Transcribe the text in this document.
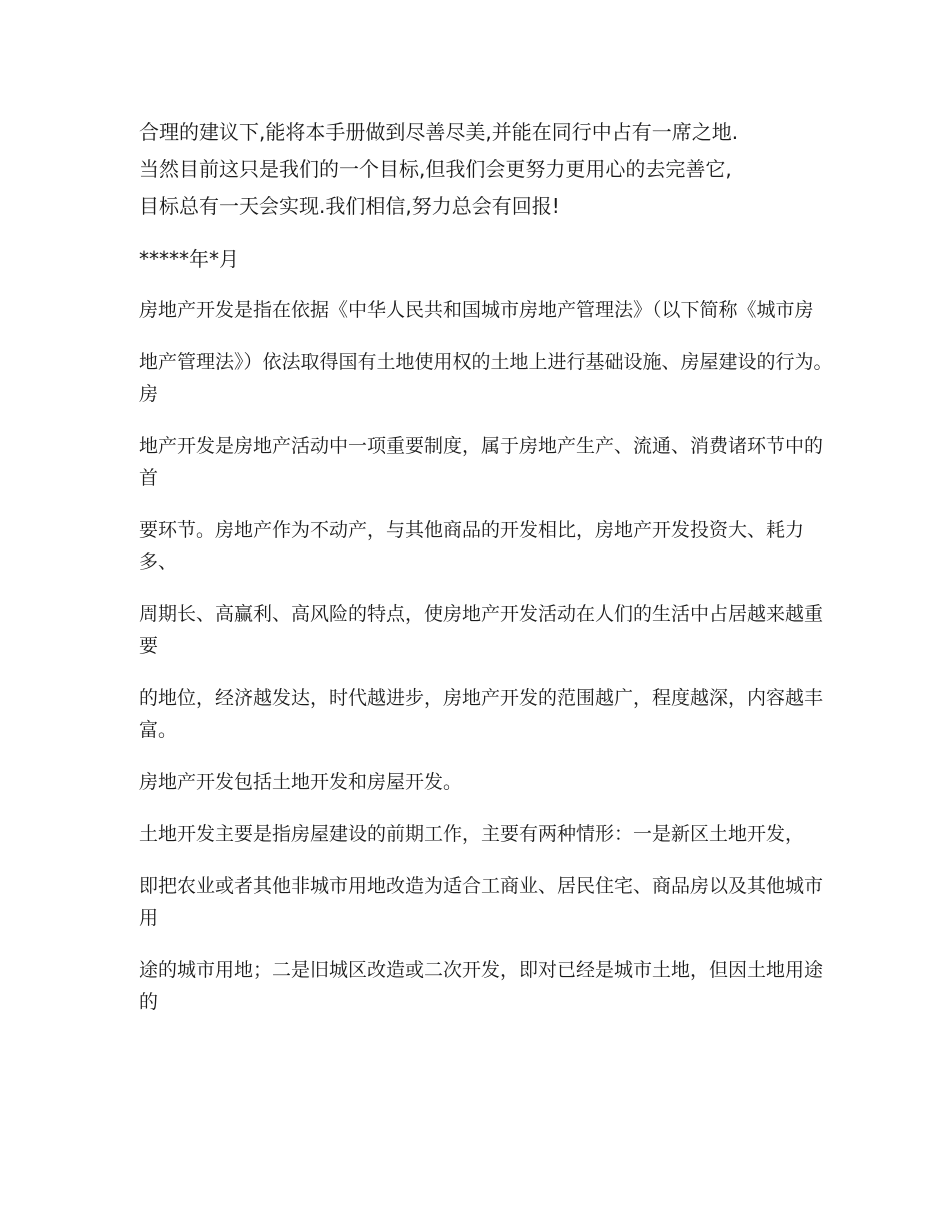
合理的建议下,能将本手册做到尽善尽美,并能在同行中占有一席之地.
当然目前这只是我们的一个目标,但我们会更努力更用心的去完善它,
目标总有一天会实现.我们相信,努力总会有回报!

*****年*月

房地产开发是指在依据《中华人民共和国城市房地产管理法》（以下简称《城市房

地产管理法》）依法取得国有土地使用权的土地上进行基础设施、房屋建设的行为。房

地产开发是房地产活动中一项重要制度，属于房地产生产、流通、消费诸环节中的首

要环节。房地产作为不动产，与其他商品的开发相比，房地产开发投资大、耗力多、

周期长、高赢利、高风险的特点，使房地产开发活动在人们的生活中占居越来越重要

的地位，经济越发达，时代越进步，房地产开发的范围越广，程度越深，内容越丰富。

房地产开发包括土地开发和房屋开发。

土地开发主要是指房屋建设的前期工作，主要有两种情形：一是新区土地开发，

即把农业或者其他非城市用地改造为适合工商业、居民住宅、商品房以及其他城市用

途的城市用地；二是旧城区改造或二次开发，即对已经是城市土地，但因土地用途的
